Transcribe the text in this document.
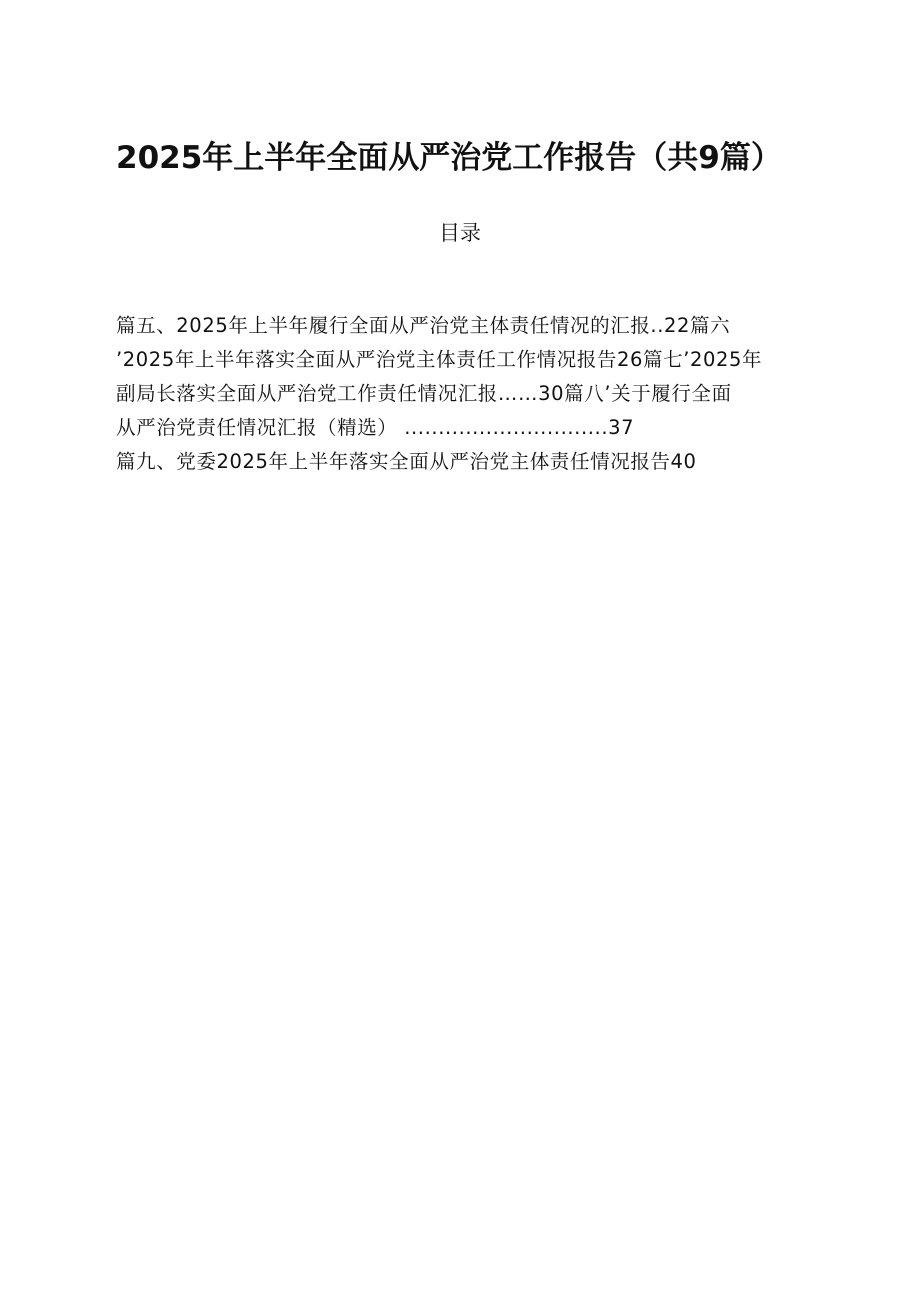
2025年上半年全面从严治党工作报告（共9篇）
目录
篇五、2025年上半年履行全面从严治党主体责任情况的汇报..22篇六
’2025年上半年落实全面从严治党主体责任工作情况报告26篇七’2025年
副局长落实全面从严治党工作责任情况汇报……30篇八’关于履行全面
从严治党责任情况汇报（精选） ..............................37
篇九、党委2025年上半年落实全面从严治党主体责任情况报告40
